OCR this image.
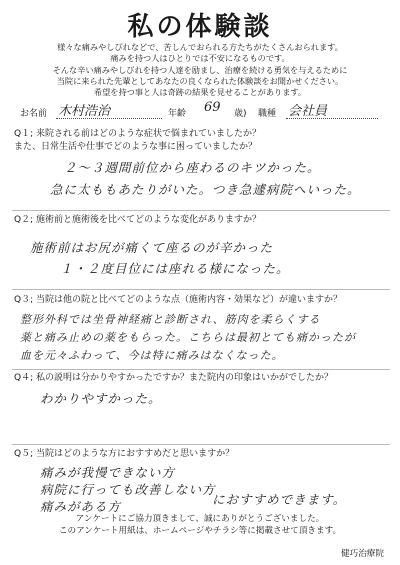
私の体験談
様々な痛みやしびれなどで、苦しんでおられる方たちがたくさんおられます。
痛みを持つ人はひとりでは不安になるものです。
そんな辛い痛みやしびれを持つ人達を励まし、治療を続ける勇気を与えるために
当院に来られた先輩としてあなたの良くなられた体験談をお聞かせください。
希望を持つ事と人は奇跡の結果を見せることがあります。
お名前 木村浩治	年齢 69 歳) 職種 会社員
Q１; 来院される前はどのような症状で悩まれていましたか？
また、日常生活や仕事でどのような事に困っていましたか？
２～３週間前位から座わるのキツかった。
急に太ももあたりがいた。つき急遽病院へいった。
Q２; 施術前と施術後を比べてどのような変化がありますか？
施術前はお尻が痛くて座るのが辛かった
１・２度目位には座れる様になった。
Q３; 当院は他の院と比べてどのような点（施術内容・効果など）が違いますか？
整形外科では坐骨神経痛と診断され、筋肉を柔らくする
薬と痛み止めの薬をもらった。こちらは最初とても痛かったが
血を元々ふわって、今は特に痛みはなくなった。
Q４; 私の説明は分かりやすかったですか？また院内の印象はいかがでしたか？
わかりやすかった。
Q５; 当院はどのような方におすすめだと思いますか？
痛みが我慢できない方
病院に行っても改善しない方
痛みがある方	におすすめできます。
アンケートにご協力頂きまして、誠にありがとうございました。
このアンケート用紙は、ホームページやチラシ等に掲載させて頂きます。
健巧治療院
